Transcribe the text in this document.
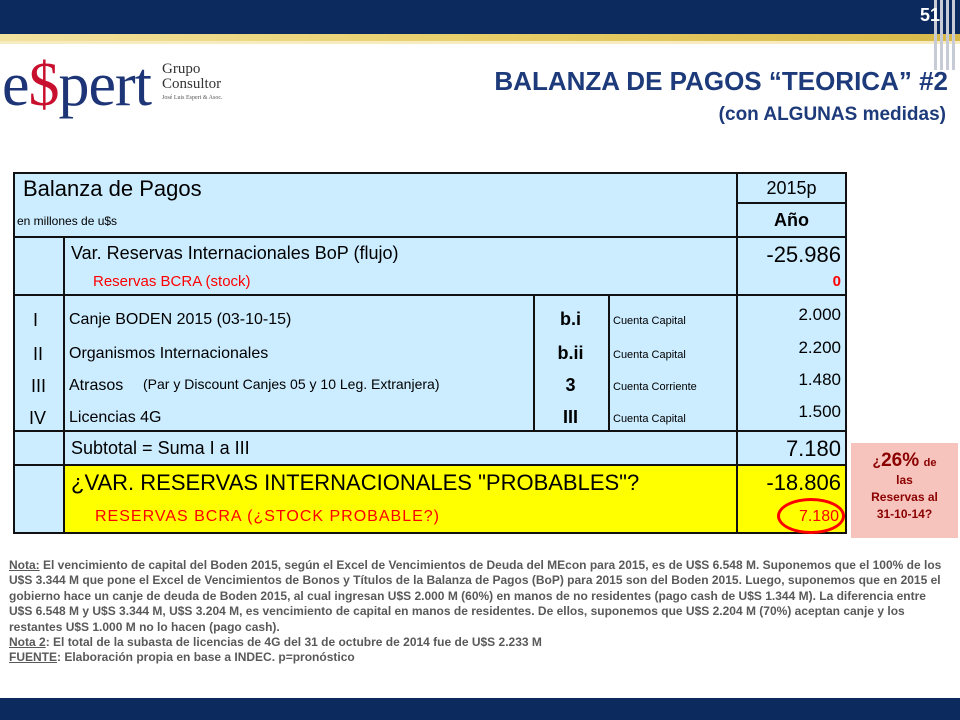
51
e$pert Grupo
Consultor
José Luis Espert & Asoc.
BALANZA DE PAGOS “TEORICA” #2
(con ALGUNAS medidas)
Balanza de Pagos
en millones de u$s
2015p
Año
Var. Reservas Internacionales BoP (flujo)	-25.986
Reservas BCRA (stock)	0
I Canje BODEN 2015 (03-10-15)	b.i	Cuenta Capital	2.000
II Organismos Internacionales	b.ii	Cuenta Capital	2.200
III Atrasos (Par y Discount Canjes 05 y 10 Leg. Extranjera)	3	Cuenta Corriente	1.480
IV Licencias 4G	III	Cuenta Capital	1.500
Subtotal = Suma I a III	7.180
¿VAR. RESERVAS INTERNACIONALES "PROBABLES"?	-18.806
RESERVAS BCRA (¿STOCK PROBABLE?)	7.180
¿26% de
las
Reservas al
31-10-14?
Nota: El vencimiento de capital del Boden 2015, según el Excel de Vencimientos de Deuda del MEcon para 2015, es de U$S 6.548 M. Suponemos que el 100% de los U$S 3.344 M que pone el Excel de Vencimientos de Bonos y Títulos de la Balanza de Pagos (BoP) para 2015 son del Boden 2015. Luego, suponemos que en 2015 el gobierno hace un canje de deuda de Boden 2015, al cual ingresan U$S 2.000 M (60%) en manos de no residentes (pago cash de U$S 1.344 M). La diferencia entre U$S 6.548 M y U$S 3.344 M, U$S 3.204 M, es vencimiento de capital en manos de residentes. De ellos, suponemos que U$S 2.204 M (70%) aceptan canje y los restantes U$S 1.000 M no lo hacen (pago cash).
Nota 2: El total de la subasta de licencias de 4G del 31 de octubre de 2014 fue de U$S 2.233 M
FUENTE: Elaboración propia en base a INDEC. p=pronóstico
